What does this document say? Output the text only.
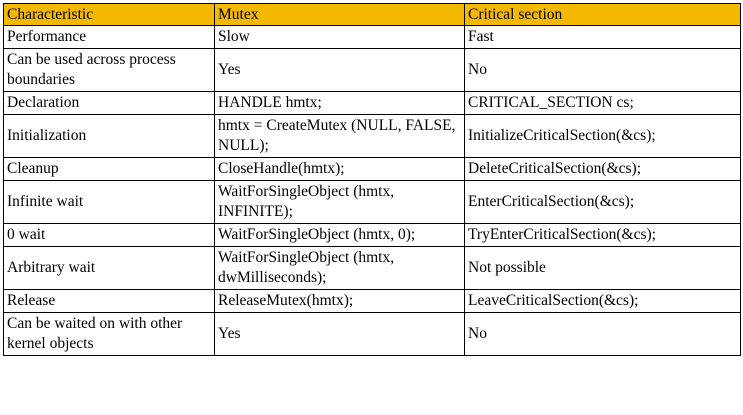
Characteristic	Mutex	Critical section
Performance	Slow	Fast
Can be used across process boundaries	Yes	No
Declaration	HANDLE hmtx;	CRITICAL_SECTION cs;
Initialization	hmtx = CreateMutex (NULL, FALSE, NULL);	InitializeCriticalSection(&cs);
Cleanup	CloseHandle(hmtx);	DeleteCriticalSection(&cs);
Infinite wait	WaitForSingleObject (hmtx, INFINITE);	EnterCriticalSection(&cs);
0 wait	WaitForSingleObject (hmtx, 0);	TryEnterCriticalSection(&cs);
Arbitrary wait	WaitForSingleObject (hmtx, dwMilliseconds);	Not possible
Release	ReleaseMutex(hmtx);	LeaveCriticalSection(&cs);
Can be waited on with other kernel objects	Yes	No
